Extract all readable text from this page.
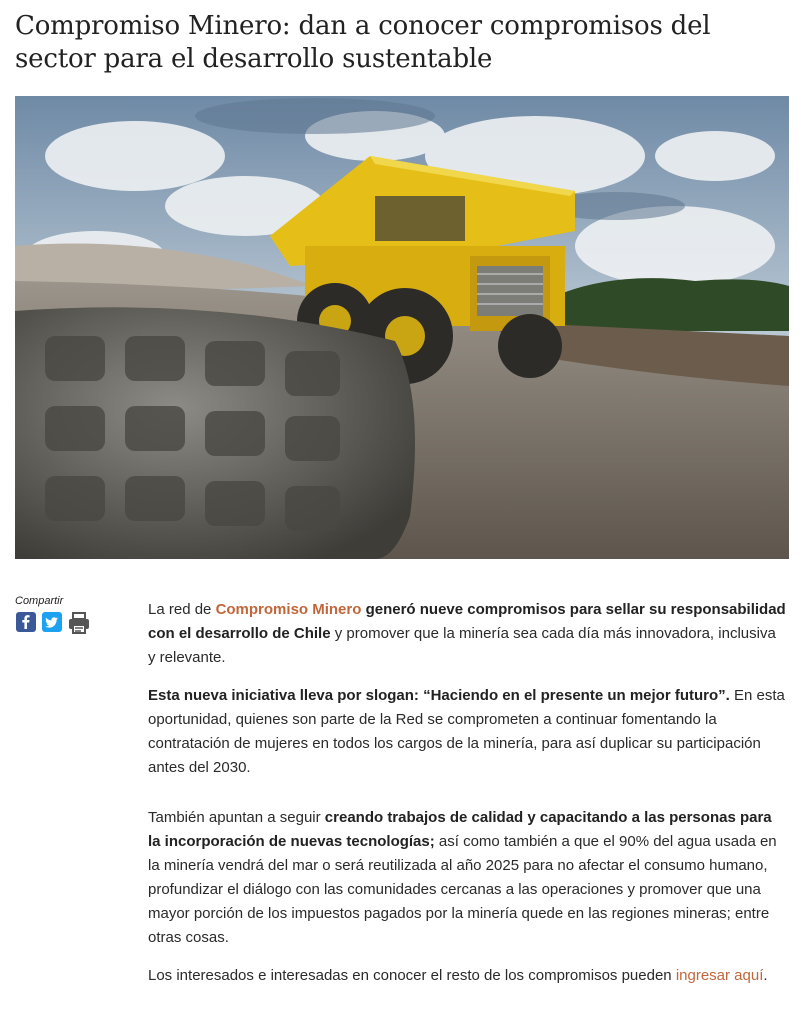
Compromiso Minero: dan a conocer compromisos del sector para el desarrollo sustentable
Compartir	La red de Compromiso Minero generó nueve compromisos para sellar su responsabilidad con el desarrollo de Chile y promover que la minería sea cada día más innovadora, inclusiva y relevante.

Esta nueva iniciativa lleva por slogan: “Haciendo en el presente un mejor futuro”. En esta oportunidad, quienes son parte de la Red se comprometen a continuar fomentando la contratación de mujeres en todos los cargos de la minería, para así duplicar su participación antes del 2030.

También apuntan a seguir creando trabajos de calidad y capacitando a las personas para la incorporación de nuevas tecnologías; así como también a que el 90% del agua usada en la minería vendrá del mar o será reutilizada al año 2025 para no afectar el consumo humano, profundizar el diálogo con las comunidades cercanas a las operaciones y promover que una mayor porción de los impuestos pagados por la minería quede en las regiones mineras; entre otras cosas.

Los interesados e interesadas en conocer el resto de los compromisos pueden ingresar aquí.
